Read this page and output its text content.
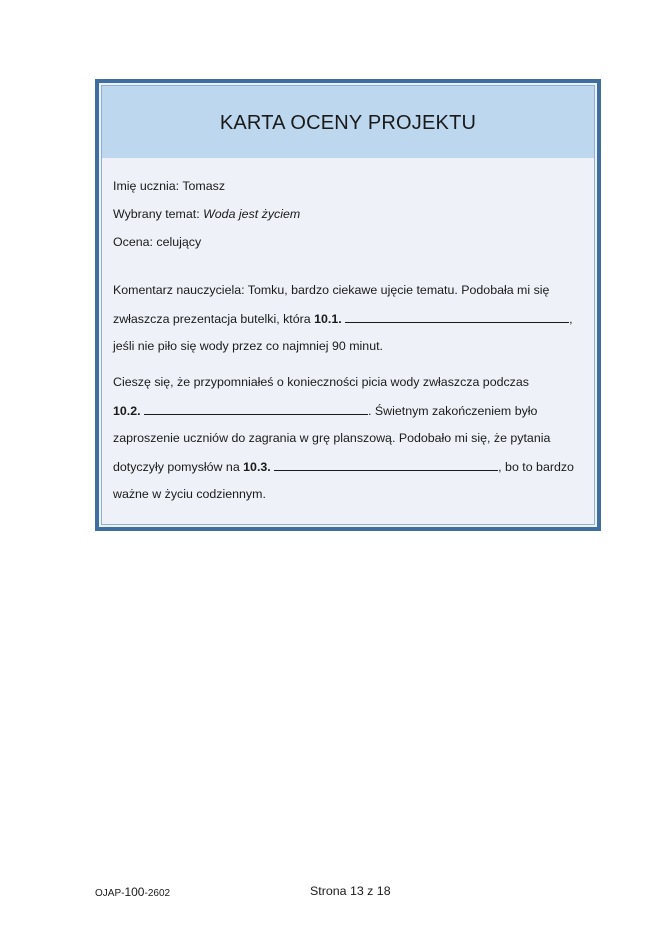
KARTA OCENY PROJEKTU
Imię ucznia: Tomasz
Wybrany temat: Woda jest życiem
Ocena: celujący
Komentarz nauczyciela: Tomku, bardzo ciekawe ujęcie tematu. Podobała mi się
zwłaszcza prezentacja butelki, która 10.1.	,
jeśli nie piło się wody przez co najmniej 90 minut.
Cieszę się, że przypomniałeś o konieczności picia wody zwłaszcza podczas
10.2.	. Świetnym zakończeniem było
zaproszenie uczniów do zagrania w grę planszową. Podobało mi się, że pytania
dotyczyły pomysłów na 10.3.	, bo to bardzo
ważne w życiu codziennym.
OJAP-100-2602	Strona 13 z 18
